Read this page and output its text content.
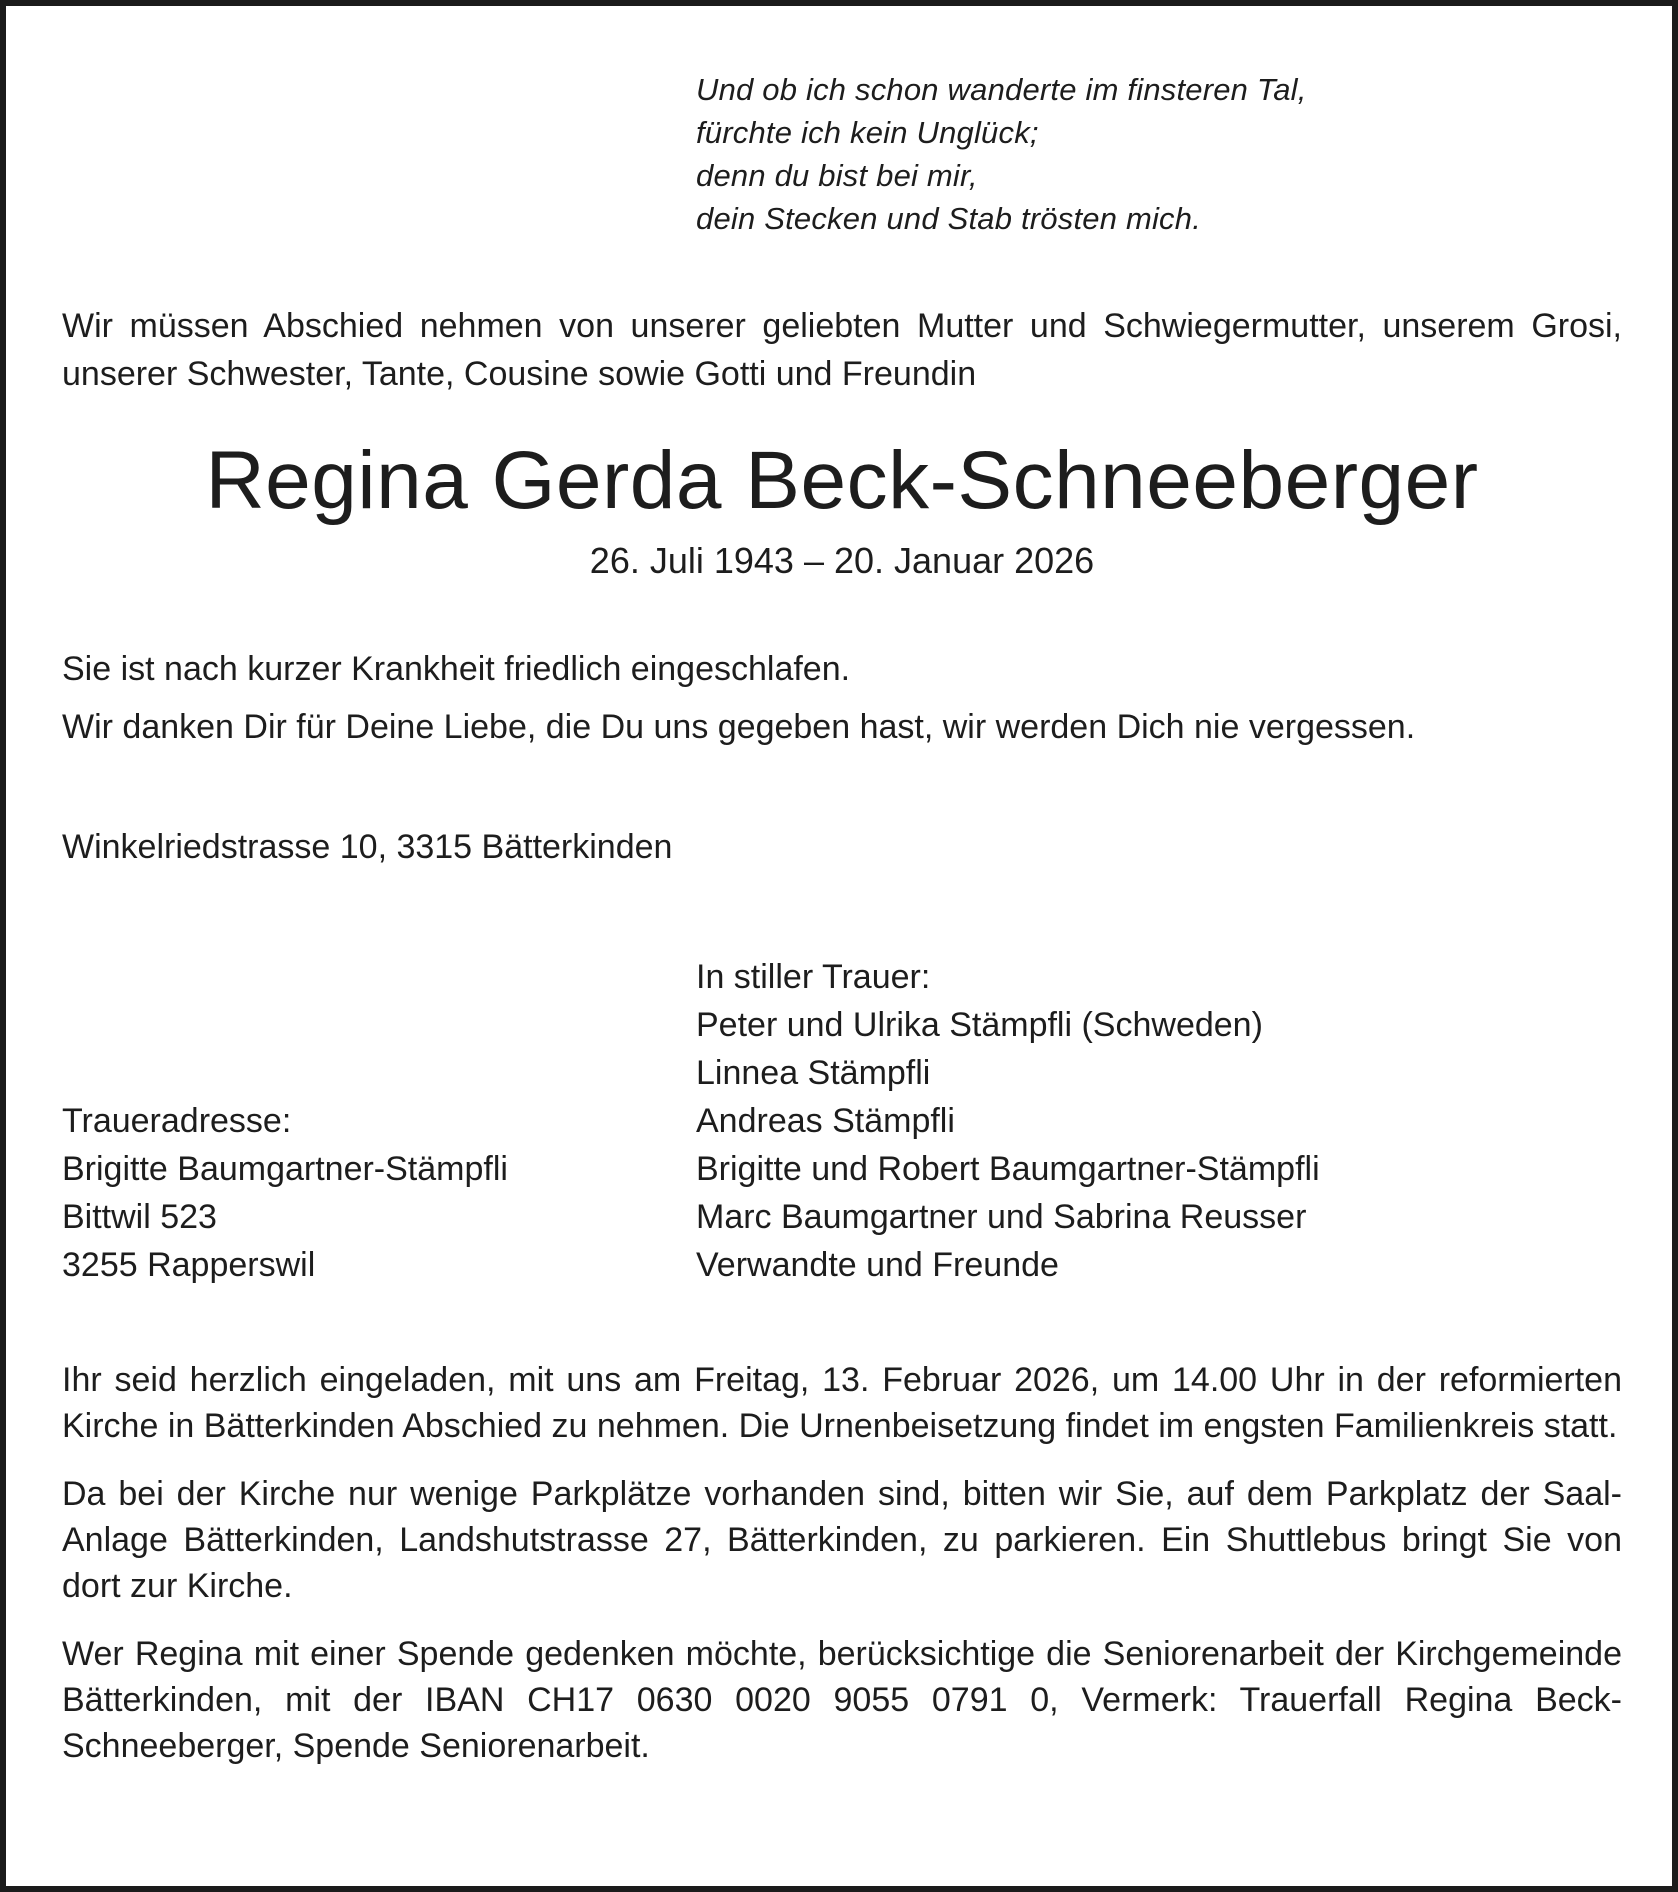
Und ob ich schon wanderte im finsteren Tal,
fürchte ich kein Unglück;
denn du bist bei mir,
dein Stecken und Stab trösten mich.

Wir müssen Abschied nehmen von unserer geliebten Mutter und Schwiegermutter, unserem Grosi, unserer Schwester, Tante, Cousine sowie Gotti und Freundin

Regina Gerda Beck-Schneeberger
26. Juli 1943 – 20. Januar 2026

Sie ist nach kurzer Krankheit friedlich eingeschlafen.

Wir danken Dir für Deine Liebe, die Du uns gegeben hast, wir werden Dich nie vergessen.

Winkelriedstrasse 10, 3315 Bätterkinden

Traueradresse:
Brigitte Baumgartner-Stämpfli
Bittwil 523
3255 Rapperswil
In stiller Trauer:
Peter und Ulrika Stämpfli (Schweden)
Linnea Stämpfli
Andreas Stämpfli
Brigitte und Robert Baumgartner-Stämpfli
Marc Baumgartner und Sabrina Reusser
Verwandte und Freunde

Ihr seid herzlich eingeladen, mit uns am Freitag, 13. Februar 2026, um 14.00 Uhr in der reformierten Kirche in Bätterkinden Abschied zu nehmen. Die Urnenbeisetzung findet im engsten Familienkreis statt.

Da bei der Kirche nur wenige Parkplätze vorhanden sind, bitten wir Sie, auf dem Parkplatz der Saal-Anlage Bätterkinden, Landshutstrasse 27, Bätterkinden, zu parkieren. Ein Shuttlebus bringt Sie von dort zur Kirche.

Wer Regina mit einer Spende gedenken möchte, berücksichtige die Seniorenarbeit der Kirchgemeinde Bätterkinden, mit der IBAN CH17 0630 0020 9055 0791 0, Vermerk: Trauerfall Regina Beck-Schneeberger, Spende Seniorenarbeit.
